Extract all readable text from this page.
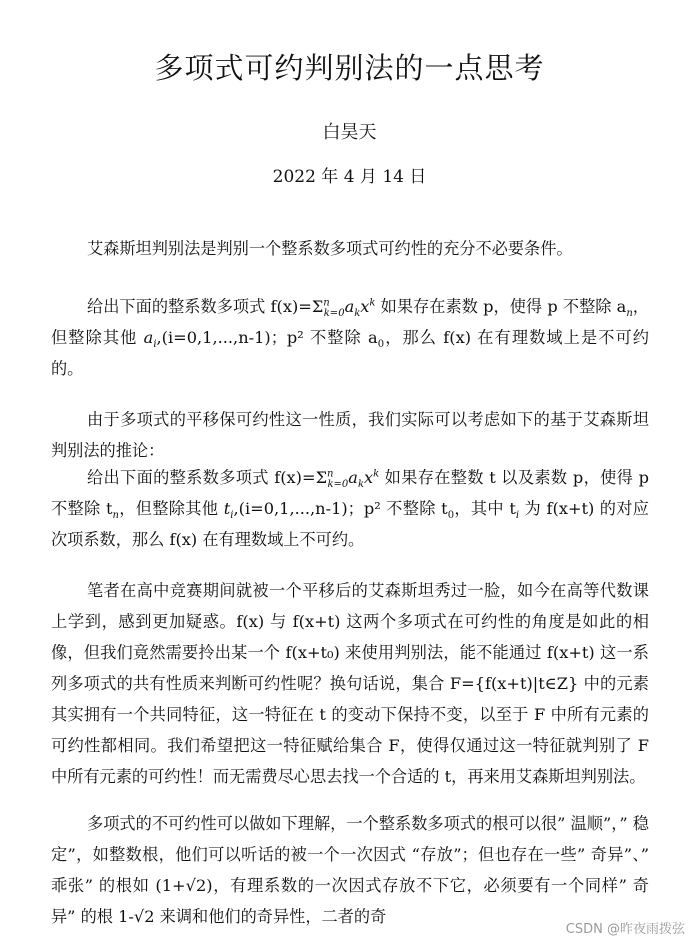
多项式可约判别法的一点思考
白昊天
2022 年 4 月 14 日

艾森斯坦判别法是判别一个整系数多项式可约性的充分不必要条件。

给出下面的整系数多项式 $f(x)=\Sigma^n_{k=0}a_kx^k$ 如果存在素数 p，使得 p 不整除 $a_n$，但整除其他 $a_i,(i=0,1,...,n-1)$；p² 不整除 $a_0$，那么 f(x) 在有理数域上是不可约的。

由于多项式的平移保可约性这一性质，我们实际可以考虑如下的基于艾森斯坦判别法的推论：

给出下面的整系数多项式 $f(x)=\Sigma^n_{k=0}a_kx^k$ 如果存在整数 t 以及素数 p，使得 p 不整除 $t_n$，但整除其他 $t_i,(i=0,1,...,n-1)$；p² 不整除 $t_0$，其中 $t_i$ 为 f(x+t) 的对应次项系数，那么 f(x) 在有理数域上不可约。

笔者在高中竞赛期间就被一个平移后的艾森斯坦秀过一脸，如今在高等代数课上学到，感到更加疑惑。f(x) 与 f(x+t) 这两个多项式在可约性的角度是如此的相像，但我们竟然需要拎出某一个 f(x+t₀) 来使用判别法，能不能通过 f(x+t) 这一系列多项式的共有性质来判断可约性呢？换句话说，集合 F={f(x+t)|t∈Z} 中的元素其实拥有一个共同特征，这一特征在 t 的变动下保持不变，以至于 F 中所有元素的可约性都相同。我们希望把这一特征赋给集合 F，使得仅通过这一特征就判别了 F 中所有元素的可约性！而无需费尽心思去找一个合适的 t，再来用艾森斯坦判别法。

多项式的不可约性可以做如下理解，一个整系数多项式的根可以很” 温顺”，” 稳定”，如整数根，他们可以听话的被一个一次因式 “存放”；但也存在一些” 奇异”、” 乖张” 的根如 (1+√2)，有理系数的一次因式存放不下它，必须要有一个同样” 奇异” 的根 1-√2 来调和他们的奇异性，二者的奇

CSDN @昨夜雨拨弦
